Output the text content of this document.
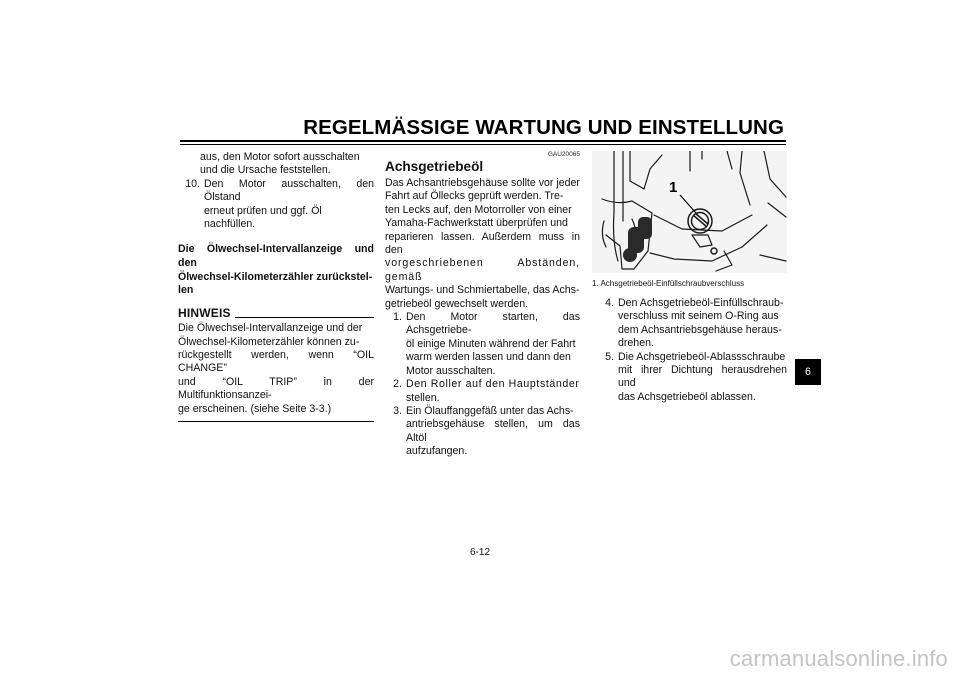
REGELMÄSSIGE WARTUNG UND EINSTELLUNG

aus, den Motor sofort ausschalten

und die Ursache feststellen.

10. Den Motor ausschalten, den Ölstand

erneut prüfen und ggf. Öl nachfüllen.

Die Ölwechsel-Intervallanzeige und den
Ölwechsel-Kilometerzähler zurückstel-
len

HINWEIS

Die Ölwechsel-Intervallanzeige und der

Ölwechsel-Kilometerzähler können zu-

rückgestellt werden, wenn “OIL CHANGE”

und “OIL TRIP” in der Multifunktionsanzei-

ge erscheinen. (siehe Seite 3-3.)

GAU20065

Achsgetriebeöl

Das Achsantriebsgehäuse sollte vor jeder

Fahrt auf Öllecks geprüft werden. Tre-

ten Lecks auf, den Motorroller von einer

Yamaha-Fachwerkstatt überprüfen und

reparieren lassen. Außerdem muss in den

vorgeschriebenen Abständen, gemäß

Wartungs- und Schmiertabelle, das Achs-

getriebeöl gewechselt werden.

1. Den Motor starten, das Achsgetriebe-

öl einige Minuten während der Fahrt

warm werden lassen und dann den

Motor ausschalten.

2. Den Roller auf den Hauptständer

stellen.

3. Ein Ölauffanggefäß unter das Achs-

antriebsgehäuse stellen, um das Altöl

aufzufangen.

1

1. Achsgetriebeöl-Einfüllschraubverschluss

4. Den Achsgetriebeöl-Einfüllschraub-

verschluss mit seinem O-Ring aus

dem Achsantriebsgehäuse heraus-

drehen.

5. Die Achsgetriebeöl-Ablassschraube

mit ihrer Dichtung herausdrehen und

das Achsgetriebeöl ablassen.

6
6-12
carmanualsonline.info
